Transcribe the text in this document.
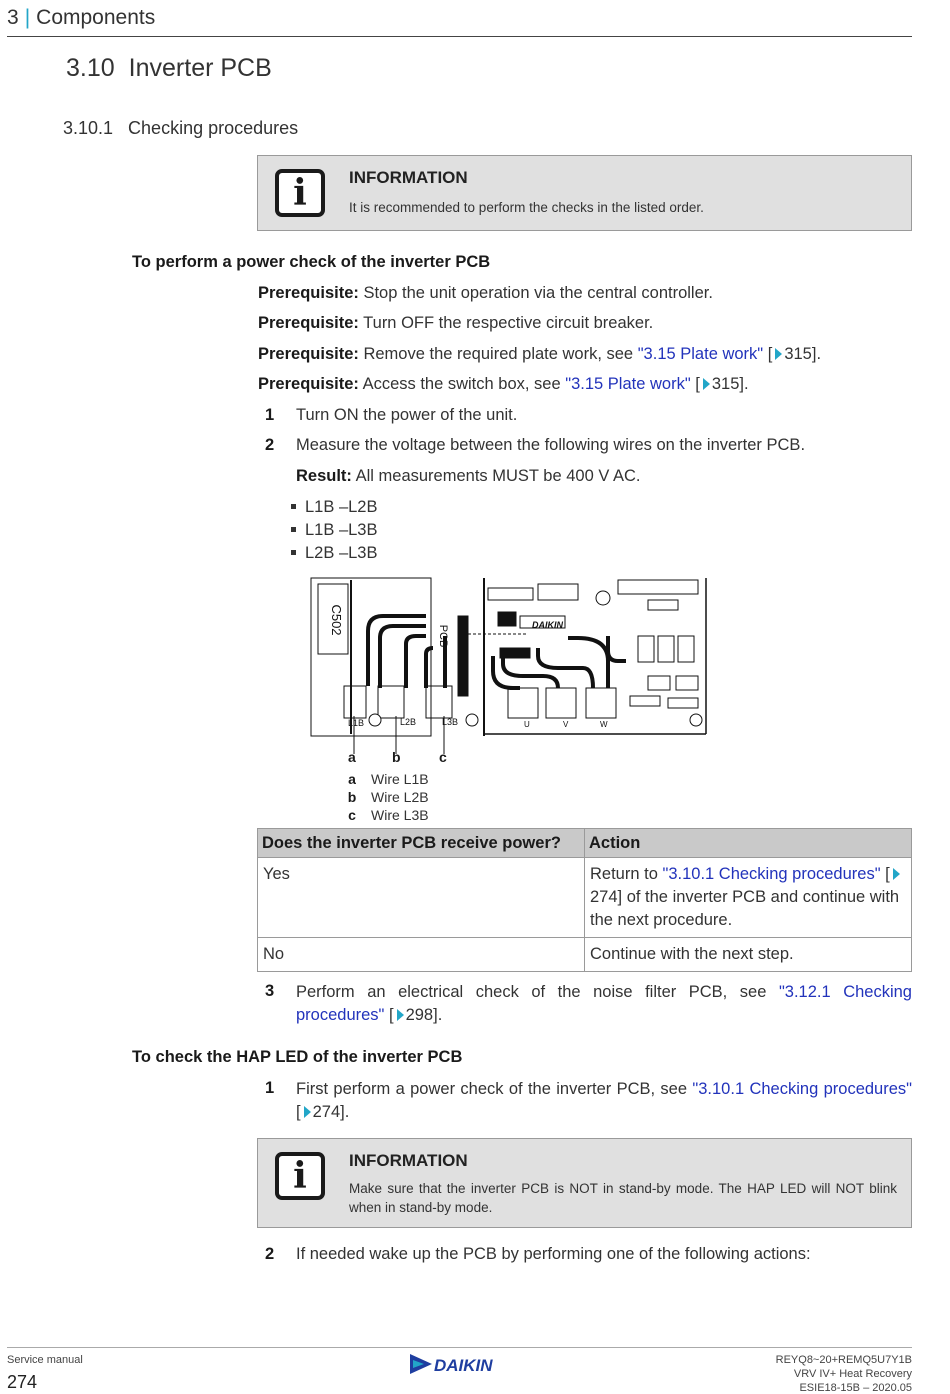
3 | Components
3.10 Inverter PCB
3.10.1 Checking procedures
i	INFORMATION
It is recommended to perform the checks in the listed order.
To perform a power check of the inverter PCB
Prerequisite: Stop the unit operation via the central controller.
Prerequisite: Turn OFF the respective circuit breaker.
Prerequisite: Remove the required plate work, see "3.15 Plate work" [ 315].
Prerequisite: Access the switch box, see "3.15 Plate work" [ 315].
1 Turn ON the power of the unit.
2 Measure the voltage between the following wires on the inverter PCB.
Result: All measurements MUST be 400 V AC.
L1B –L2B
L1B –L3B
L2B –L3B
C502
PCB
L1B	L2B	L3B	U	V	W
DAIKIN
a	b	c
a Wire L1B
b Wire L2B
c Wire L3B
Does the inverter PCB receive power?	Action
Yes	Return to "3.10.1 Checking procedures" [274] of the inverter PCB and continue with the next procedure.
No	Continue with the next step.
3 Perform an electrical check of the noise filter PCB, see "3.12.1 Checking procedures" [ 298].
To check the HAP LED of the inverter PCB
1 First perform a power check of the inverter PCB, see "3.10.1 Checking procedures" [ 274].
i	INFORMATION
Make sure that the inverter PCB is NOT in stand-by mode. The HAP LED will NOT blink when in stand-by mode.
2 If needed wake up the PCB by performing one of the following actions:
Service manual
274
DAIKIN	REYQ8~20+REMQ5U7Y1B
VRV IV+ Heat Recovery
ESIE18-15B – 2020.05
